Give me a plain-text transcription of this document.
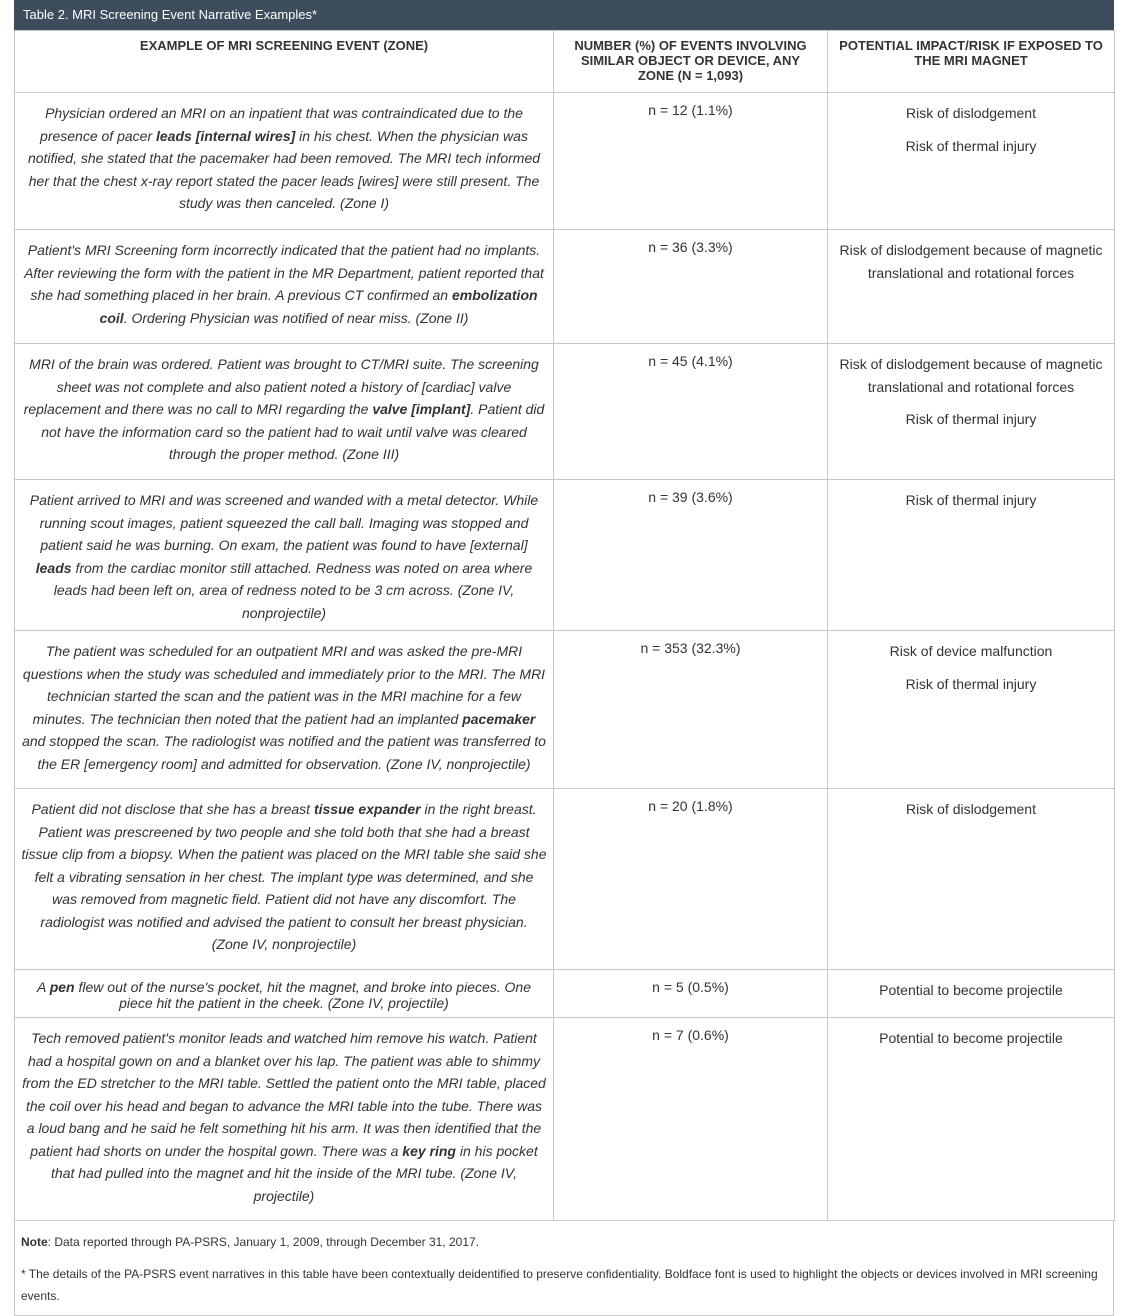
Table 2. MRI Screening Event Narrative Examples*
EXAMPLE OF MRI SCREENING EVENT (ZONE)	NUMBER (%) OF EVENTS INVOLVING SIMILAR OBJECT OR DEVICE, ANY ZONE (N = 1,093)	POTENTIAL IMPACT/RISK IF EXPOSED TO THE MRI MAGNET
Physician ordered an MRI on an inpatient that was contraindicated due to the presence of pacer leads [internal wires] in his chest. When the physician was notified, she stated that the pacemaker had been removed. The MRI tech informed her that the chest x-ray report stated the pacer leads [wires] were still present. The study was then canceled. (Zone I)	n = 12 (1.1%)	Risk of dislodgement

Risk of thermal injury

Patient's MRI Screening form incorrectly indicated that the patient had no implants. After reviewing the form with the patient in the MR Department, patient reported that she had something placed in her brain. A previous CT confirmed an embolization coil. Ordering Physician was notified of near miss. (Zone II)	n = 36 (3.3%)	Risk of dislodgement because of magnetic translational and rotational forces

MRI of the brain was ordered. Patient was brought to CT/MRI suite. The screening sheet was not complete and also patient noted a history of [cardiac] valve replacement and there was no call to MRI regarding the valve [implant]. Patient did not have the information card so the patient had to wait until valve was cleared through the proper method. (Zone III)	n = 45 (4.1%)	Risk of dislodgement because of magnetic translational and rotational forces

Risk of thermal injury

Patient arrived to MRI and was screened and wanded with a metal detector. While running scout images, patient squeezed the call ball. Imaging was stopped and patient said he was burning. On exam, the patient was found to have [external] leads from the cardiac monitor still attached. Redness was noted on area where leads had been left on, area of redness noted to be 3 cm across. (Zone IV, nonprojectile)	n = 39 (3.6%)	Risk of thermal injury

The patient was scheduled for an outpatient MRI and was asked the pre-MRI questions when the study was scheduled and immediately prior to the MRI. The MRI technician started the scan and the patient was in the MRI machine for a few minutes. The technician then noted that the patient had an implanted pacemaker and stopped the scan. The radiologist was notified and the patient was transferred to the ER [emergency room] and admitted for observation. (Zone IV, nonprojectile)	n = 353 (32.3%)	Risk of device malfunction

Risk of thermal injury

Patient did not disclose that she has a breast tissue expander in the right breast. Patient was prescreened by two people and she told both that she had a breast tissue clip from a biopsy. When the patient was placed on the MRI table she said she felt a vibrating sensation in her chest. The implant type was determined, and she was removed from magnetic field. Patient did not have any discomfort. The radiologist was notified and advised the patient to consult her breast physician. (Zone IV, nonprojectile)	n = 20 (1.8%)	Risk of dislodgement

A pen flew out of the nurse's pocket, hit the magnet, and broke into pieces. One piece hit the patient in the cheek. (Zone IV, projectile)	n = 5 (0.5%)	Potential to become projectile

Tech removed patient's monitor leads and watched him remove his watch. Patient had a hospital gown on and a blanket over his lap. The patient was able to shimmy from the ED stretcher to the MRI table. Settled the patient onto the MRI table, placed the coil over his head and began to advance the MRI table into the tube. There was a loud bang and he said he felt something hit his arm. It was then identified that the patient had shorts on under the hospital gown. There was a key ring in his pocket that had pulled into the magnet and hit the inside of the MRI tube. (Zone IV, projectile)	n = 7 (0.6%)	Potential to become projectile

Note: Data reported through PA-PSRS, January 1, 2009, through December 31, 2017.

* The details of the PA-PSRS event narratives in this table have been contextually deidentified to preserve confidentiality. Boldface font is used to highlight the objects or devices involved in MRI screening events.
